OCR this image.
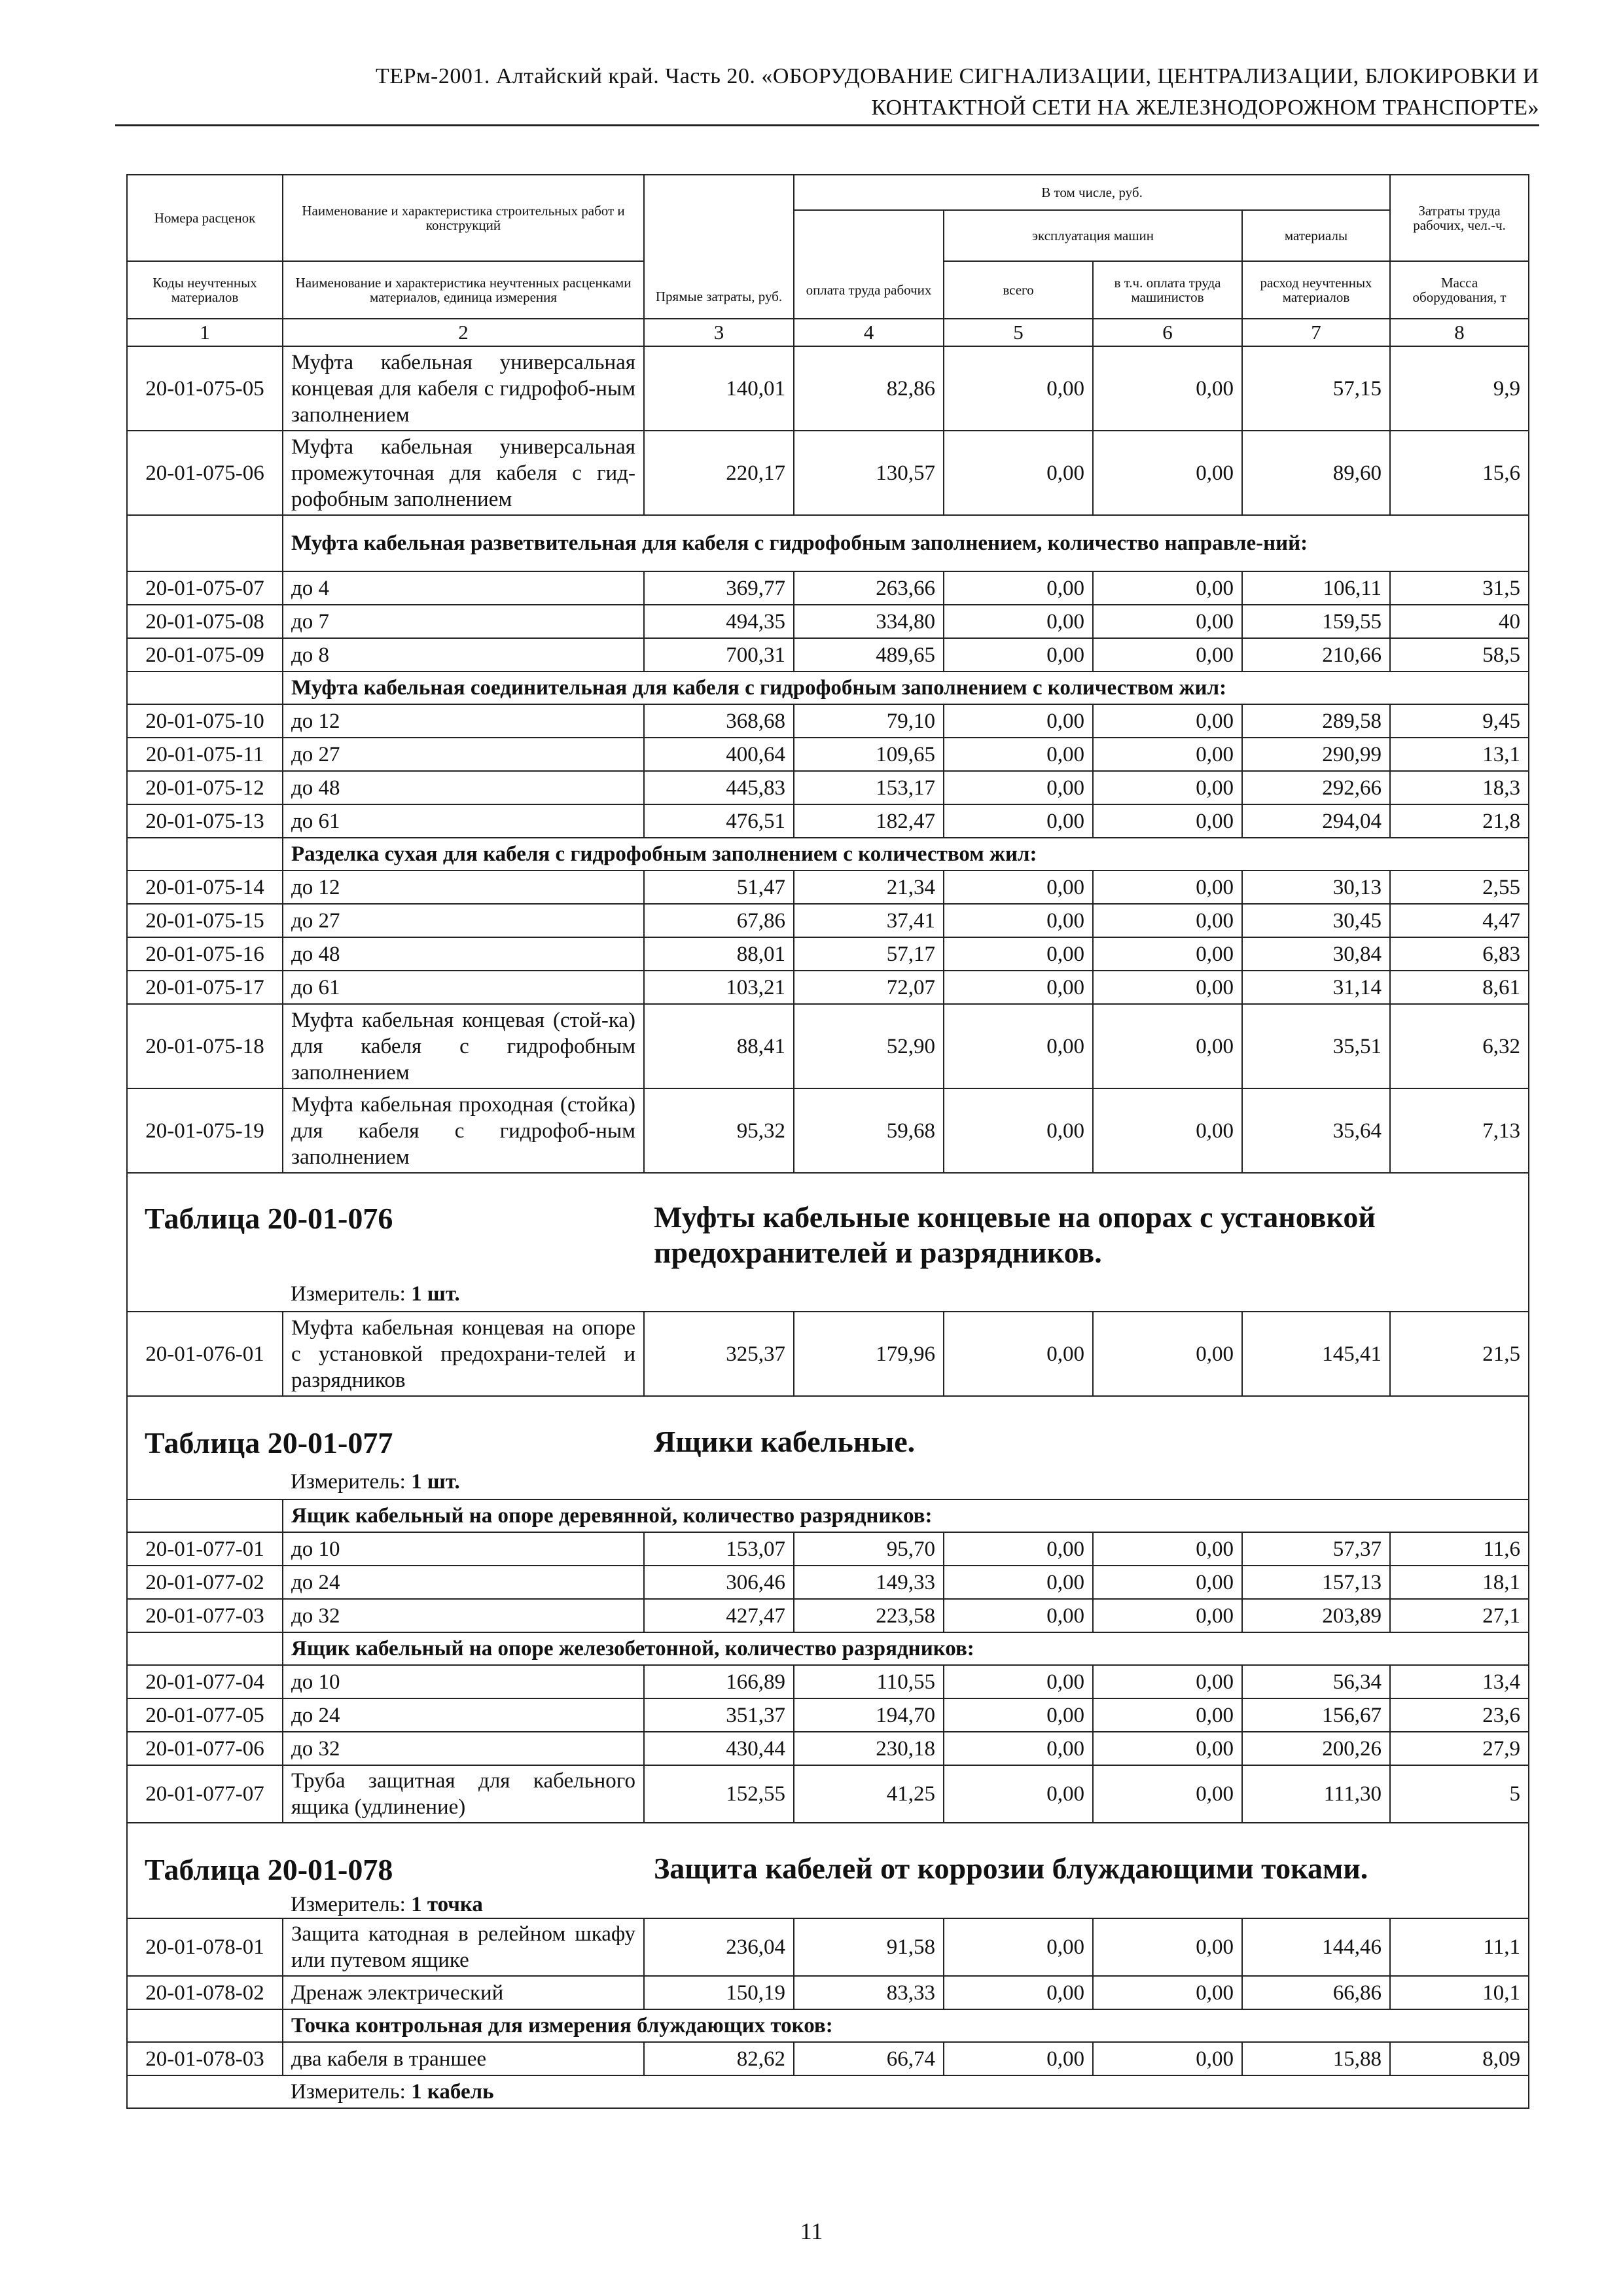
ТЕРм-2001. Алтайский край. Часть 20. «ОБОРУДОВАНИЕ СИГНАЛИЗАЦИИ, ЦЕНТРАЛИЗАЦИИ, БЛОКИРОВКИ И
КОНТАКТНОЙ СЕТИ НА ЖЕЛЕЗНОДОРОЖНОМ ТРАНСПОРТЕ»
Номера расценок	Наименование и характеристика строительных работ и конструкций	Прямые затраты, руб.	В том числе, руб.				Затраты труда рабочих, чел.-ч.
				эксплуатация машин		материалы	
Коды неучтенных материалов	Наименование и характеристика неучтенных расценками материалов, единица измерения		оплата труда рабочих	всего	в т.ч. оплата труда машинистов	расход неучтенных материалов	Масса оборудования, т
1	2	3	4	5	6	7	8
20-01-075-05	Муфта кабельная универсальная концевая для кабеля с гидрофоб-ным заполнением	140,01	82,86	0,00	0,00	57,15	9,9
20-01-075-06	Муфта кабельная универсальная промежуточная для кабеля с гид-рофобным заполнением	220,17	130,57	0,00	0,00	89,60	15,6
	Муфта кабельная разветвительная для кабеля с гидрофобным заполнением, количество направле-ний:						
20-01-075-07	до 4	369,77	263,66	0,00	0,00	106,11	31,5
20-01-075-08	до 7	494,35	334,80	0,00	0,00	159,55	40
20-01-075-09	до 8	700,31	489,65	0,00	0,00	210,66	58,5
	Муфта кабельная соединительная для кабеля с гидрофобным заполнением с количеством жил:						
20-01-075-10	до 12	368,68	79,10	0,00	0,00	289,58	9,45
20-01-075-11	до 27	400,64	109,65	0,00	0,00	290,99	13,1
20-01-075-12	до 48	445,83	153,17	0,00	0,00	292,66	18,3
20-01-075-13	до 61	476,51	182,47	0,00	0,00	294,04	21,8
	Разделка сухая для кабеля с гидрофобным заполнением с количеством жил:						
20-01-075-14	до 12	51,47	21,34	0,00	0,00	30,13	2,55
20-01-075-15	до 27	67,86	37,41	0,00	0,00	30,45	4,47
20-01-075-16	до 48	88,01	57,17	0,00	0,00	30,84	6,83
20-01-075-17	до 61	103,21	72,07	0,00	0,00	31,14	8,61
20-01-075-18	Муфта кабельная концевая (стой-ка) для кабеля с гидрофобным заполнением	88,41	52,90	0,00	0,00	35,51	6,32
20-01-075-19	Муфта кабельная проходная (стойка) для кабеля с гидрофоб-ным заполнением	95,32	59,68	0,00	0,00	35,64	7,13

Таблица 20-01-076 Муфты кабельные концевые на опорах с установкой предохранителей и разрядников.
Измеритель: 1 шт.							

20-01-076-01	Муфта кабельная концевая на опоре с установкой предохрани-телей и разрядников	325,37	179,96	0,00	0,00	145,41	21,5

Таблица 20-01-077 Ящики кабельные.
Измеритель: 1 шт.							

	Ящик кабельный на опоре деревянной, количество разрядников:						
20-01-077-01	до 10	153,07	95,70	0,00	0,00	57,37	11,6
20-01-077-02	до 24	306,46	149,33	0,00	0,00	157,13	18,1
20-01-077-03	до 32	427,47	223,58	0,00	0,00	203,89	27,1
	Ящик кабельный на опоре железобетонной, количество разрядников:						
20-01-077-04	до 10	166,89	110,55	0,00	0,00	56,34	13,4
20-01-077-05	до 24	351,37	194,70	0,00	0,00	156,67	23,6
20-01-077-06	до 32	430,44	230,18	0,00	0,00	200,26	27,9
20-01-077-07	Труба защитная для кабельного ящика (удлинение)	152,55	41,25	0,00	0,00	111,30	5

Таблица 20-01-078 Защита кабелей от коррозии блуждающими токами.
Измеритель: 1 точка							

20-01-078-01	Защита катодная в релейном шкафу или путевом ящике	236,04	91,58	0,00	0,00	144,46	11,1
20-01-078-02	Дренаж электрический	150,19	83,33	0,00	0,00	66,86	10,1
	Точка контрольная для измерения блуждающих токов:						
20-01-078-03	два кабеля в траншее	82,62	66,74	0,00	0,00	15,88	8,09
Измеритель: 1 кабель							
11
